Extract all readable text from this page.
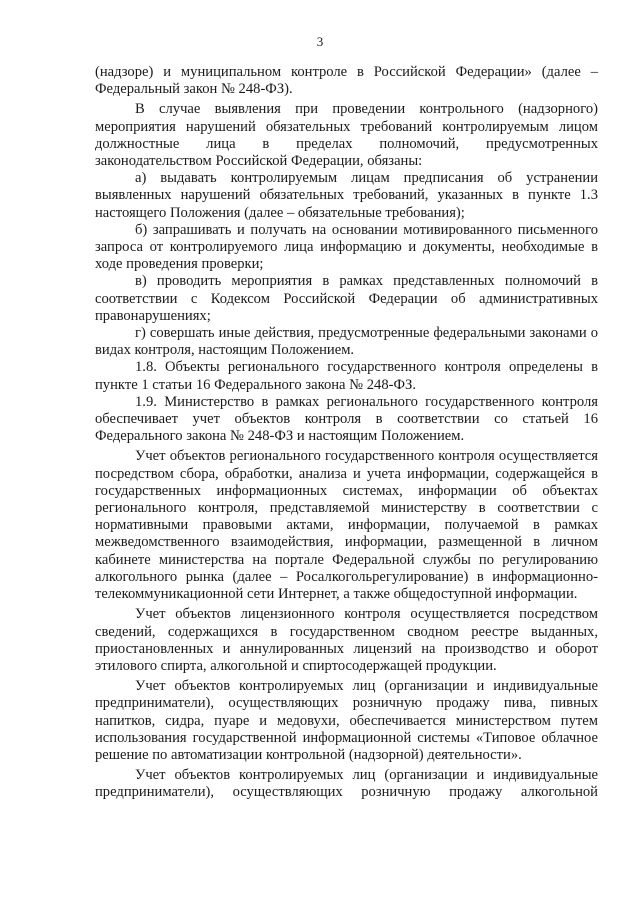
3

(надзоре) и муниципальном контроле в Российской Федерации» (далее – Федеральный закон № 248-ФЗ).

В случае выявления при проведении контрольного (надзорного) мероприятия нарушений обязательных требований контролируемым лицом должностные лица в пределах полномочий, предусмотренных законодательством Российской Федерации, обязаны:

а) выдавать контролируемым лицам предписания об устранении выявленных нарушений обязательных требований, указанных в пункте 1.3 настоящего Положения (далее – обязательные требования);

б) запрашивать и получать на основании мотивированного письменного запроса от контролируемого лица информацию и документы, необходимые в ходе проведения проверки;

в) проводить мероприятия в рамках представленных полномочий в соответствии с Кодексом Российской Федерации об административных правонарушениях;

г) совершать иные действия, предусмотренные федеральными законами о видах контроля, настоящим Положением.

1.8. Объекты регионального государственного контроля определены в пункте 1 статьи 16 Федерального закона № 248-ФЗ.

1.9. Министерство в рамках регионального государственного контроля обеспечивает учет объектов контроля в соответствии со статьей 16 Федерального закона № 248-ФЗ и настоящим Положением.

Учет объектов регионального государственного контроля осуществляется посредством сбора, обработки, анализа и учета информации, содержащейся в государственных информационных системах, информации об объектах регионального контроля, представляемой министерству в соответствии с нормативными правовыми актами, информации, получаемой в рамках межведомственного взаимодействия, информации, размещенной в личном кабинете министерства на портале Федеральной службы по регулированию алкогольного рынка (далее – Росалкогольрегулирование) в информационно-телекоммуникационной сети Интернет, а также общедоступной информации.

Учет объектов лицензионного контроля осуществляется посредством сведений, содержащихся в государственном сводном реестре выданных, приостановленных и аннулированных лицензий на производство и оборот этилового спирта, алкогольной и спиртосодержащей продукции.

Учет объектов контролируемых лиц (организации и индивидуальные предприниматели), осуществляющих розничную продажу пива, пивных напитков, сидра, пуаре и медовухи, обеспечивается министерством путем использования государственной информационной системы «Типовое облачное решение по автоматизации контрольной (надзорной) деятельности».

Учет объектов контролируемых лиц (организации и индивидуальные предприниматели), осуществляющих розничную продажу алкогольной
